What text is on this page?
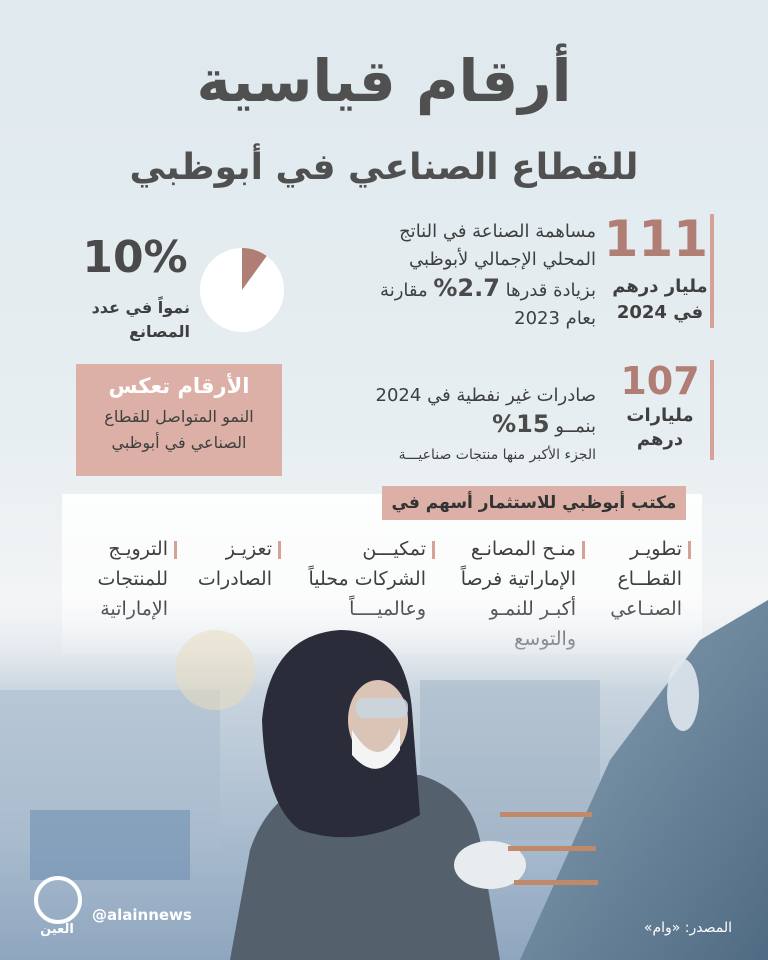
أرقام قياسية
للقطاع الصناعي في أبوظبي
111
مليار درهم
في 2024
مساهمة الصناعة في الناتج
المحلي الإجمالي لأبوظبي
بزيادة قدرها 2.7% مقارنة
بعام 2023
10%
نمواً في عدد
المصانع
107
مليارات
درهم
صادرات غير نفطية في 2024
بنمــو 15%
الجزء الأكبر منها منتجات صناعيـــة
الأرقام تعكس
النمو المتواصل للقطاع
الصناعي في أبوظبي
مكتب أبوظبي للاستثمار أسهم في
تطويـر
القطــاع
منـح المصانـع
الإماراتية فرصاً
تمكيـــن
الشركات محلياً
تعزيـز
الصادرات
الترويـج
للمنتجات
العين
@alainnews
المصدر: «وام»
